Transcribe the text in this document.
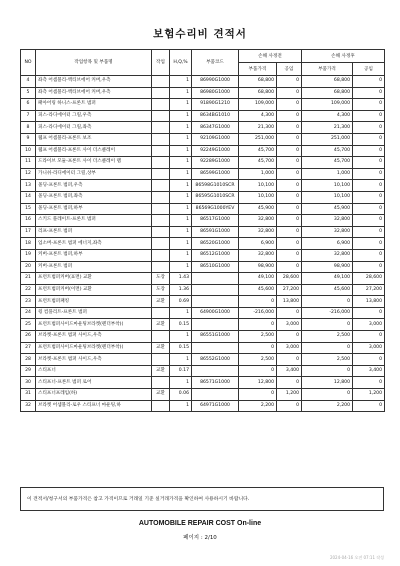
보험수리비 견적서
NO	작업항목 및 부품명	작업	H,Q,%	부품코드	손해 사정전		손해 사정후	
					부품가격	공임	부품가격	공임
4	좌측 어셈블리-액티브에어 커버,우측		1	86990G1000	68,800	0	68,800	0
5	좌측 어셈블리-액티브에어 커버,우측		1	86980G1000	68,800	0	68,800	0
6	패아어링 하니스-프론트 범퍼		1	91890G1210	109,000	0	109,000	0
7	피스-라디에이터 그릴,우측		1	8634BG1010	4,300	0	4,300	0
8	피스-라디에이터 그릴,좌측		1	86347G1000	21,300	0	21,300	0
9	웹프 어셈블리-프론트 보조		1	92109G1000	251,000	0	251,000	0
10	웹프 어셈블리-프론트 사이 더스클레이		1	92249G1000	45,700	0	45,700	0
11	드라이브 모듈-프론트 사이 더스클레이 램		1	92289G1000	45,700	0	45,700	0
12	가니쉬-라디에이터 그릴,상부		1	86599G1000	1,000	0	1,000	0
13	몰딩-프론트 범퍼,우측		1	86598G1010SCR	10,100	0	10,100	0
14	몰딩-프론트 범퍼,좌측		1	86595G1010SCR	10,100	0	10,100	0
15	몰딩-프론트 범퍼,하부		1	86569G1000YEV	45,900	0	45,900	0
16	스키드 플레이트-프론트 범퍼		1	86517G1000	32,800	0	32,800	0
17	리프-프론트 범퍼		1	86591G1000	32,800	0	32,800	0
18	업소버-프론트 범퍼 에너지,좌측		1	86520G1000	6,900	0	6,900	0
19	커버-프론트 범퍼,하부		1	86512G1000	32,800	0	32,800	0
20	커버-프론트 범퍼		1	86510G1000	98,900	0	98,900	0
21	프런트범퍼커버(표면) 교환	도장	1.43		49,100	28,600	49,100	28,600
22	프런트범퍼커버(이면) 교환	도장	1.36		45,600	27,200	45,600	27,200
23	프런트범퍼패킹	교환	0.69		0	13,800	0	13,800
24	윙 컴플리트-프론트 범퍼		1	64900G1000	-216,000	0	-216,000	0
25	프런트범퍼사이드마운팅브라켓(펜더부착)(	교환	0.15		0	3,000	0	3,000
26	브라켓-프론트 범퍼 사이드,우측		1	86551G1000	2,500	0	2,500	0
27	프런트범퍼사이드마운팅브라켓(펜더부착)(	교환	0.15		0	3,000	0	3,000
28	브라켓-프론트 범퍼 사이드,우측		1	86552G1000	2,500	0	2,500	0
29	스티프너	교환	0.17		0	3,400	0	3,400
30	스티프너-프론트 범퍼 로어		1	86571G1000	12,800	0	12,800	0
31	스티프너프레임(하)	교환	0.06		0	1,200	0	1,200
32	브라켓 어셈블리-로우 스티프너 마운팅,하		1	64971G1000	2,200	0	2,200	0
이 견적서/청구서의 부품가격은 참고 가격이므로 거래일 기준 실거래가격을 확인하여 사용하시기 바랍니다.
AUTOMOBILE REPAIR COST On-line
페이지 : 2/10
2024-04-16 오전 07:11 작성
